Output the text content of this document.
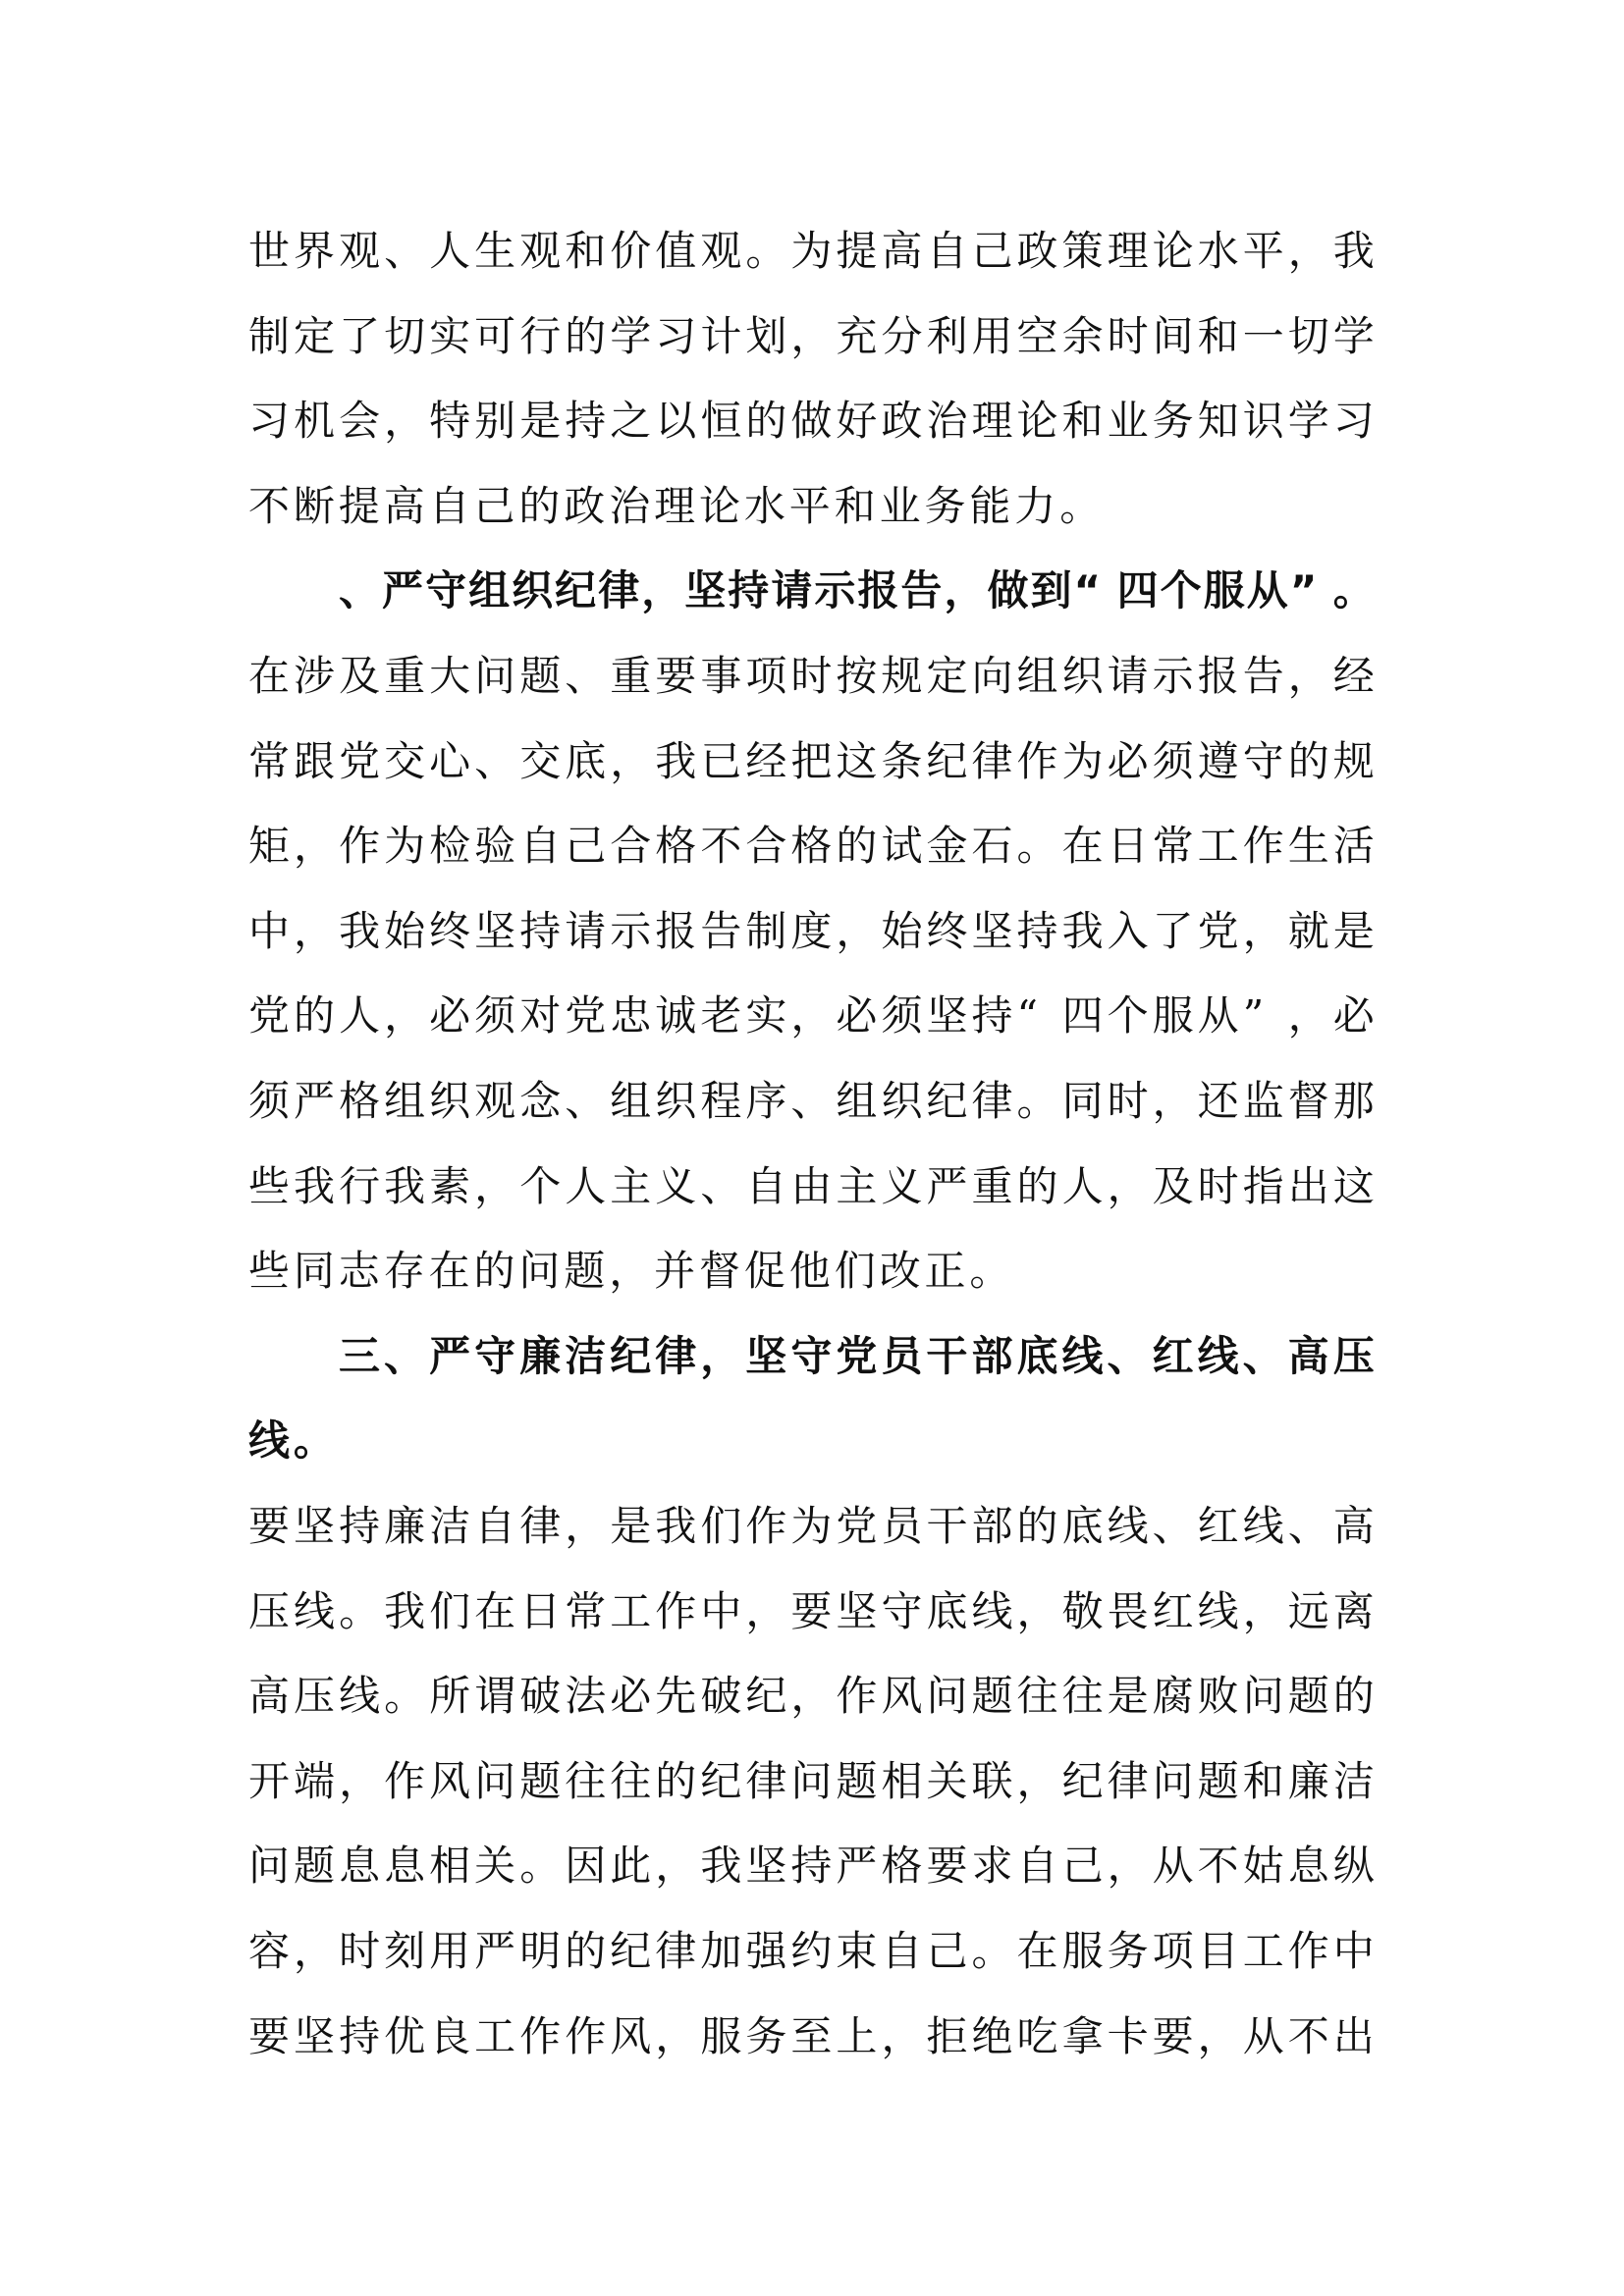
世 界 观 、 人 生 观 和 价 值 观 。 为 提 高 自 己 政 策 理 论 水 平 ， 我
制 定 了 切 实 可 行 的 学 习 计 划 ， 充 分 利 用 空 余 时 间 和 一 切 学
习 机 会 ， 特 别 是 持 之 以 恒 的 做 好 政 治 理 论 和 业 务 知 识 学 习
不断提高自己的政治理论水平和业务能力。
、 严 守 组 织 纪 律 ， 坚 持 请 示 报 告 ， 做 到 “ 四 个 服 从 ” 。
在 涉 及 重 大 问 题 、 重 要 事 项 时 按 规 定 向 组 织 请 示 报 告 ， 经
常 跟 党 交 心 、 交 底 ， 我 已 经 把 这 条 纪 律 作 为 必 须 遵 守 的 规
矩 ， 作 为 检 验 自 己 合 格 不 合 格 的 试 金 石 。 在 日 常 工 作 生 活
中 ， 我 始 终 坚 持 请 示 报 告 制 度 ， 始 终 坚 持 我 入 了 党 ， 就 是
党 的 人 ， 必 须 对 党 忠 诚 老 实 ， 必 须 坚 持 “ 四 个 服 从 ” ， 必
须 严 格 组 织 观 念 、 组 织 程 序 、 组 织 纪 律 。 同 时 ， 还 监 督 那
些 我 行 我 素 ， 个 人 主 义 、 自 由 主 义 严 重 的 人 ， 及 时 指 出 这
些同志存在的问题，并督促他们改正。
三 、 严 守 廉 洁 纪 律 ， 坚 守 党 员 干 部 底 线 、 红 线 、 高 压
线。
要 坚 持 廉 洁 自 律 ， 是 我 们 作 为 党 员 干 部 的 底 线 、 红 线 、 高
压 线 。 我 们 在 日 常 工 作 中 ， 要 坚 守 底 线 ， 敬 畏 红 线 ， 远 离
高 压 线 。 所 谓 破 法 必 先 破 纪 ， 作 风 问 题 往 往 是 腐 败 问 题 的
开 端 ， 作 风 问 题 往 往 的 纪 律 问 题 相 关 联 ， 纪 律 问 题 和 廉 洁
问 题 息 息 相 关 。 因 此 ， 我 坚 持 严 格 要 求 自 己 ， 从 不 姑 息 纵
容 ， 时 刻 用 严 明 的 纪 律 加 强 约 束 自 己 。 在 服 务 项 目 工 作 中
要 坚 持 优 良 工 作 作 风 ， 服 务 至 上 ， 拒 绝 吃 拿 卡 要 ， 从 不 出
